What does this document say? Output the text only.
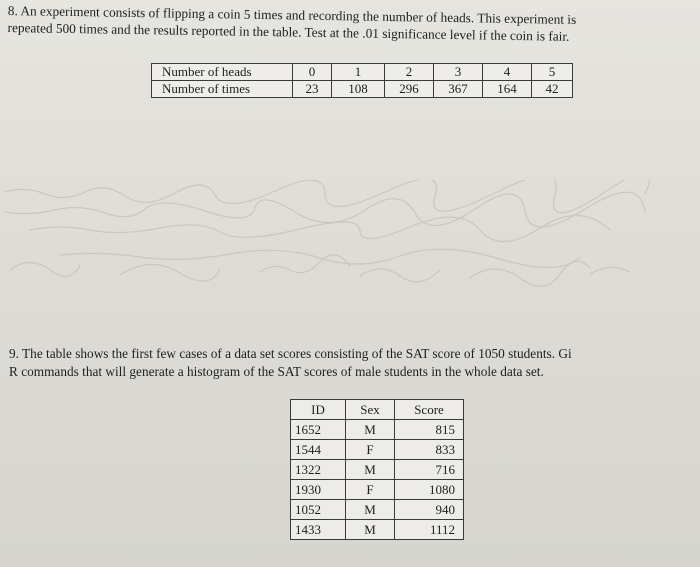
8. An experiment consists of flipping a coin 5 times and recording the number of heads. This experiment is
repeated 500 times and the results reported in the table. Test at the .01 significance level if the coin is fair.
Number of heads	0	1	2	3	4	5
Number of times	23	108	296	367	164	42
9. The table shows the first few cases of a data set scores consisting of the SAT score of 1050 students. Gi
R commands that will generate a histogram of the SAT scores of male students in the whole data set.
ID	Sex	Score
1652	M	815
1544	F	833
1322	M	716
1930	F	1080
1052	M	940
1433	M	1112
